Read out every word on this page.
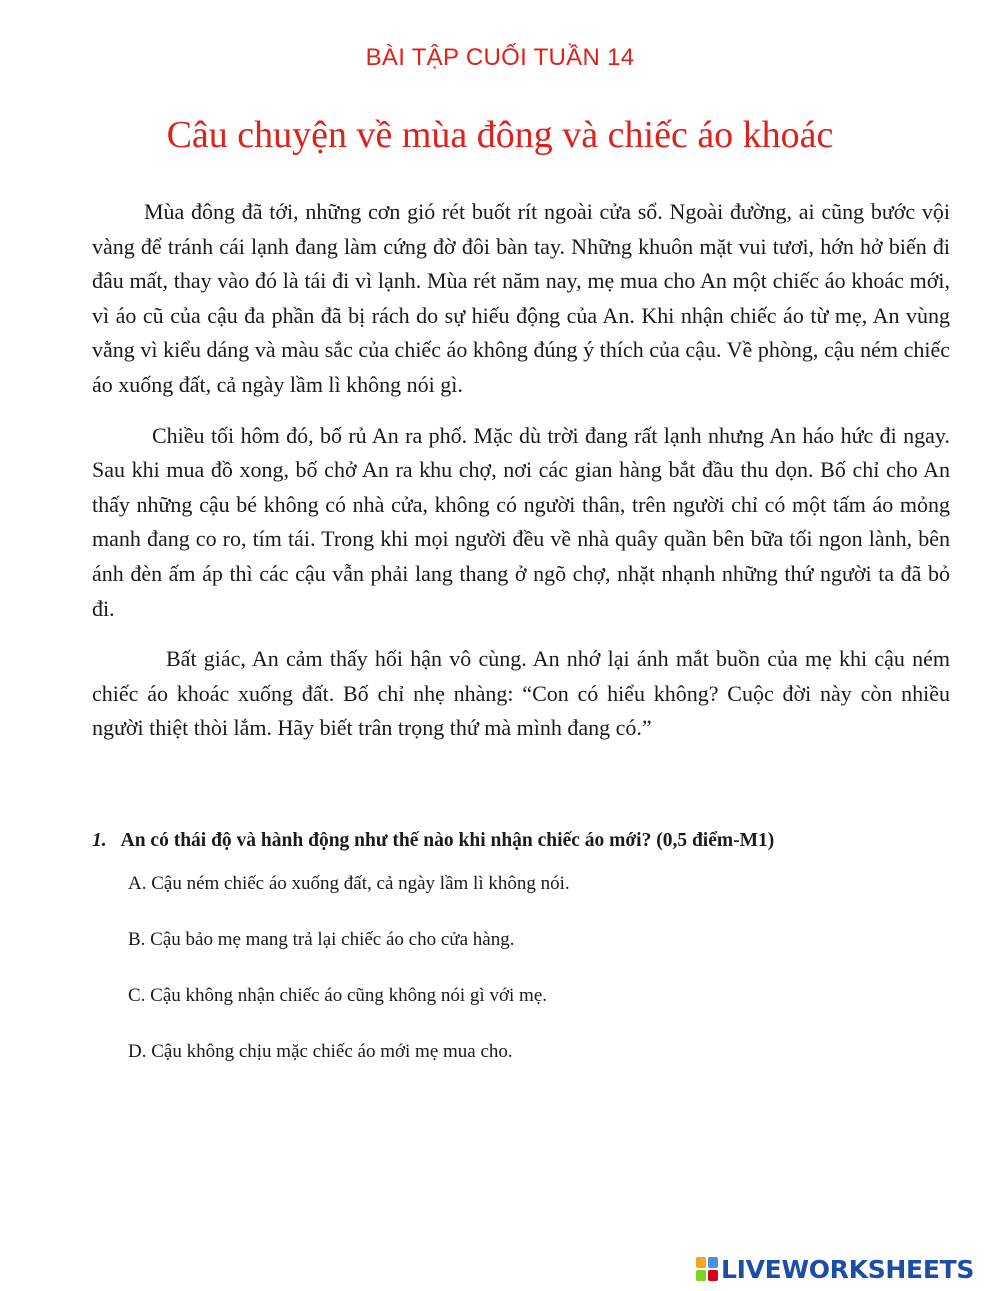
BÀI TẬP CUỐI TUẦN 14
Câu chuyện về mùa đông và chiếc áo khoác

Mùa đông đã tới, những cơn gió rét buốt rít ngoài cửa sổ. Ngoài đường, ai cũng bước vội vàng để tránh cái lạnh đang làm cứng đờ đôi bàn tay. Những khuôn mặt vui tươi, hớn hở biến đi đâu mất, thay vào đó là tái đi vì lạnh. Mùa rét năm nay, mẹ mua cho An một chiếc áo khoác mới, vì áo cũ của cậu đa phần đã bị rách do sự hiếu động của An. Khi nhận chiếc áo từ mẹ, An vùng vằng vì kiểu dáng và màu sắc của chiếc áo không đúng ý thích của cậu. Về phòng, cậu ném chiếc áo xuống đất, cả ngày lầm lì không nói gì.

Chiều tối hôm đó, bố rủ An ra phố. Mặc dù trời đang rất lạnh nhưng An háo hức đi ngay. Sau khi mua đồ xong, bố chở An ra khu chợ, nơi các gian hàng bắt đầu thu dọn. Bố chỉ cho An thấy những cậu bé không có nhà cửa, không có người thân, trên người chỉ có một tấm áo mỏng manh đang co ro, tím tái. Trong khi mọi người đều về nhà quây quần bên bữa tối ngon lành, bên ánh đèn ấm áp thì các cậu vẫn phải lang thang ở ngõ chợ, nhặt nhạnh những thứ người ta đã bỏ đi.

Bất giác, An cảm thấy hối hận vô cùng. An nhớ lại ánh mắt buồn của mẹ khi cậu ném chiếc áo khoác xuống đất. Bố chỉ nhẹ nhàng: “Con có hiểu không? Cuộc đời này còn nhiều người thiệt thòi lắm. Hãy biết trân trọng thứ mà mình đang có.”

1. An có thái độ và hành động như thế nào khi nhận chiếc áo mới? (0,5 điểm-M1)
A. Cậu ném chiếc áo xuống đất, cả ngày lầm lì không nói.
B. Cậu bảo mẹ mang trả lại chiếc áo cho cửa hàng.
C. Cậu không nhận chiếc áo cũng không nói gì với mẹ.
D. Cậu không chịu mặc chiếc áo mới mẹ mua cho.
LIVEWORKSHEETS
